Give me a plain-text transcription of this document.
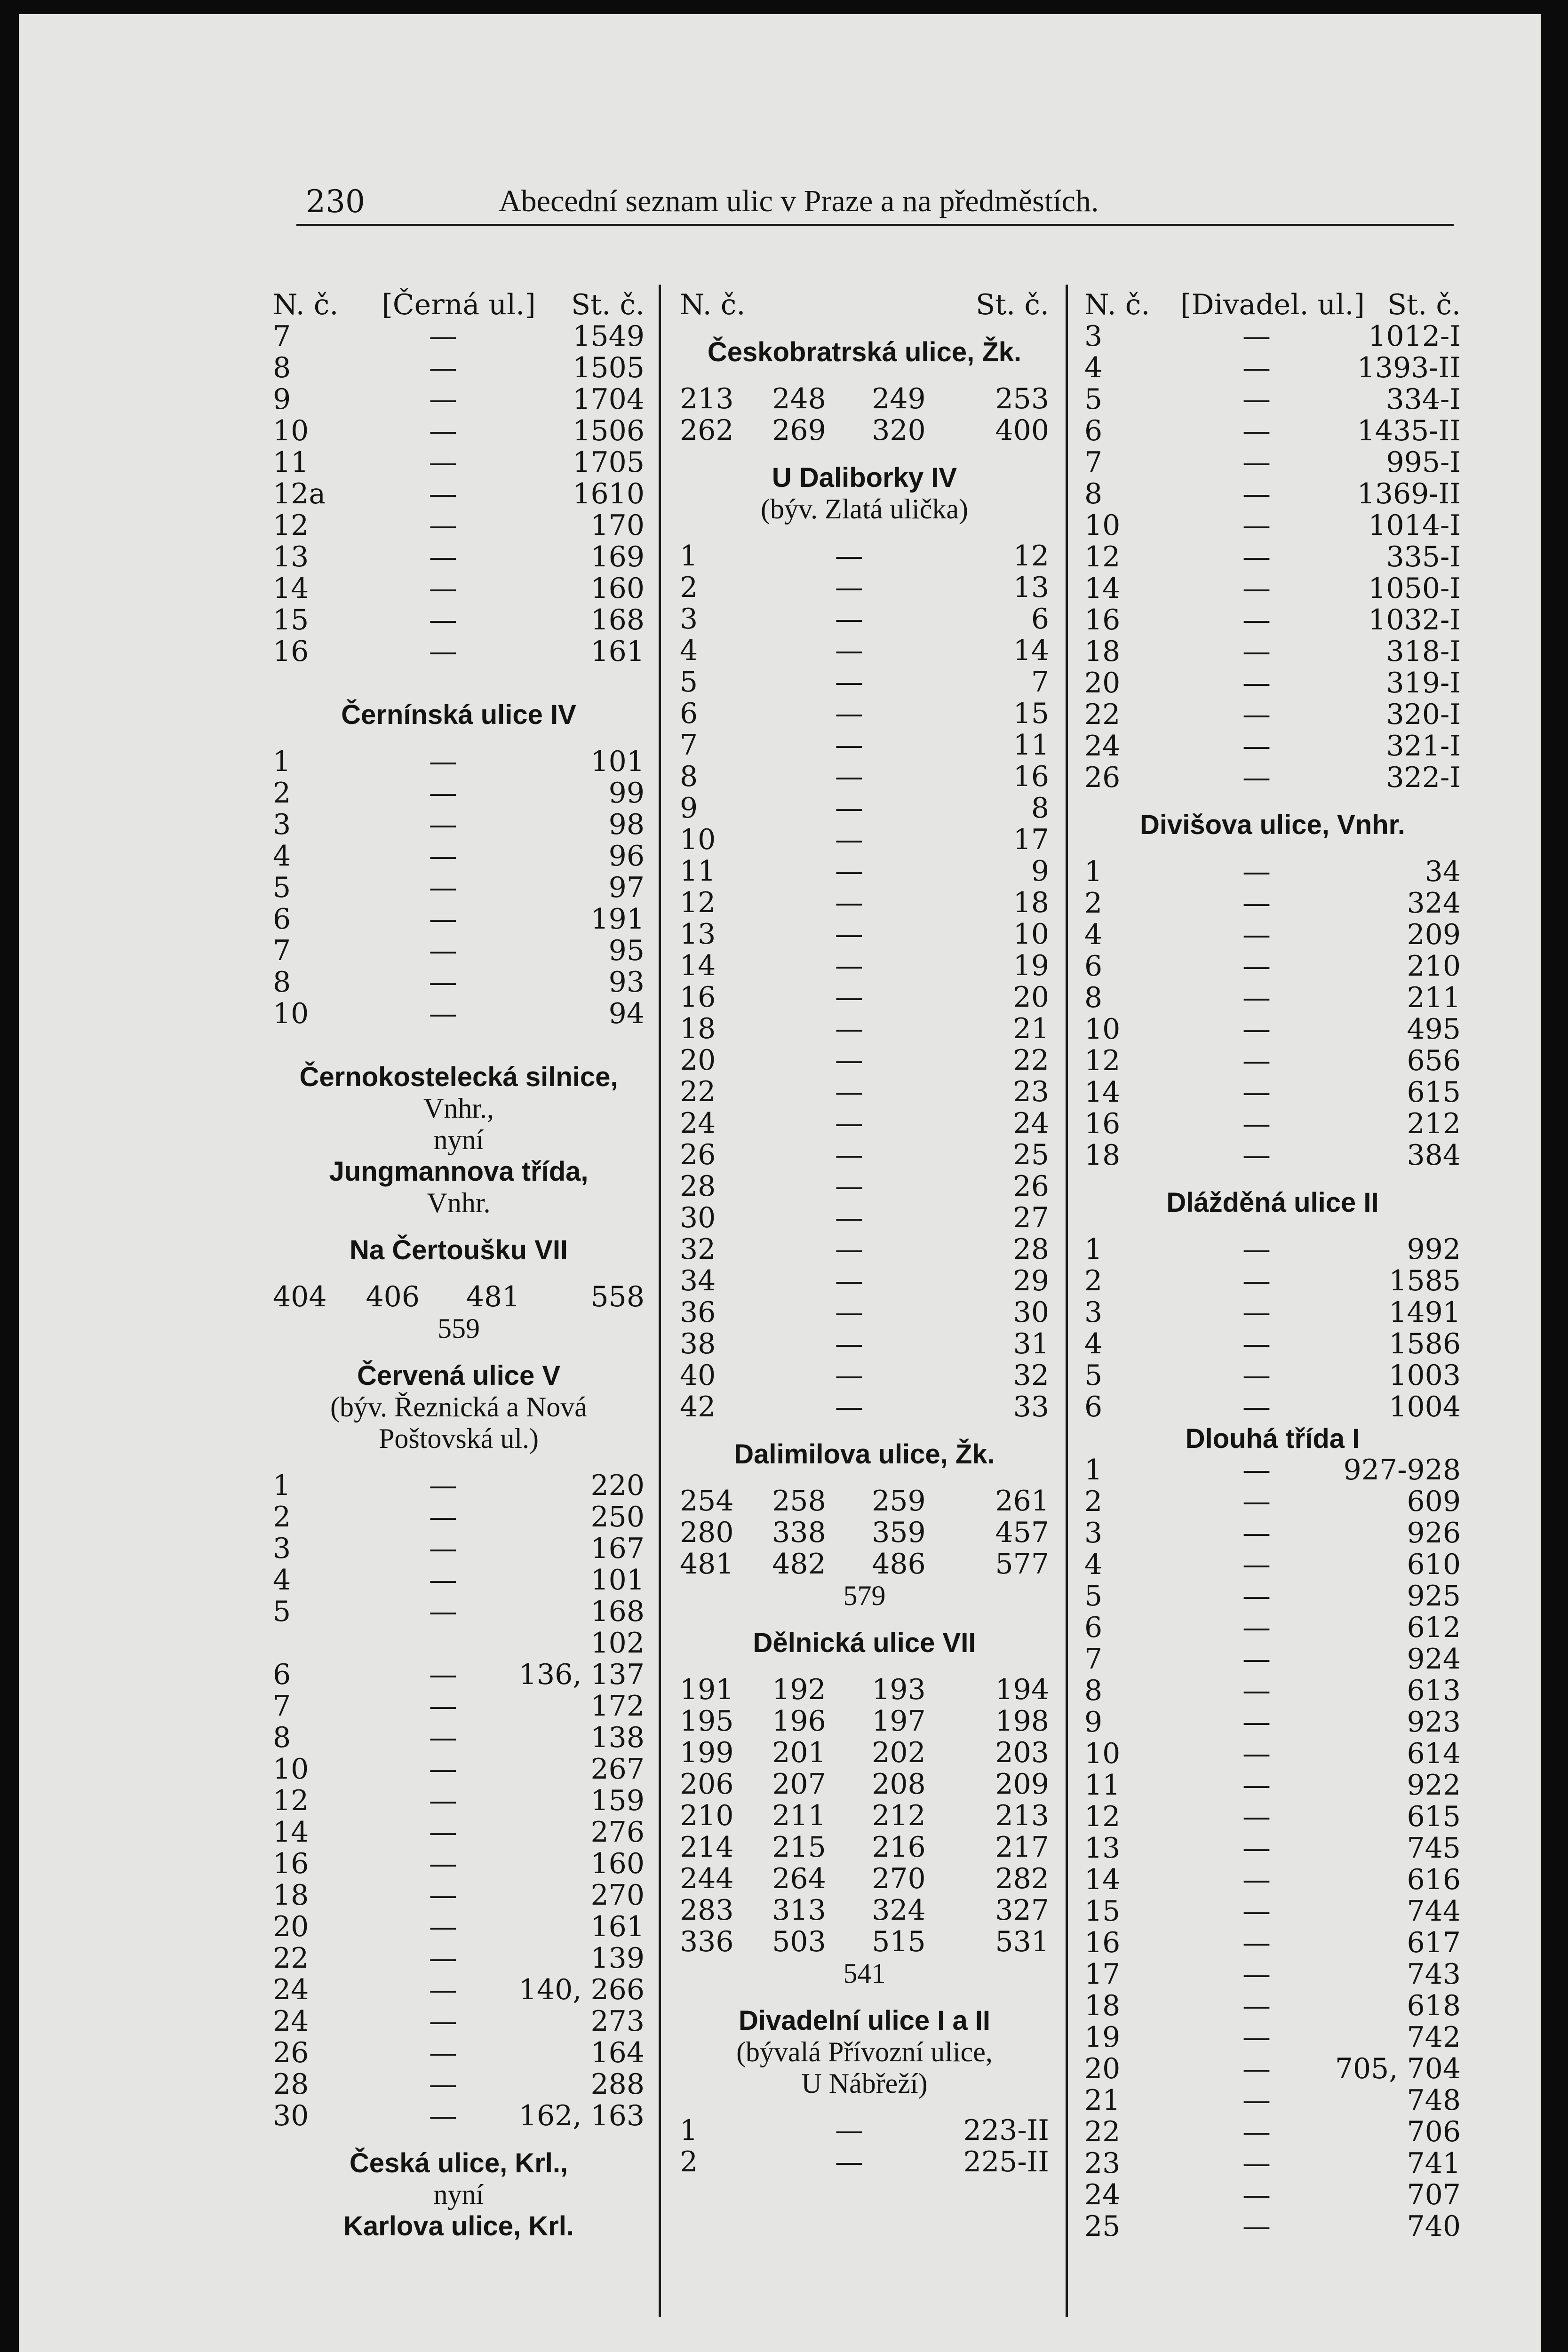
230	Abecední seznam ulic v Praze a na předměstích.
N. č.	[Černá ul.]	St. č.
7	—	1549
8	—	1505
9	—	1704
10	—	1506
11	—	1705
12a	—	1610
12	—	170
13	—	169
14	—	160
15	—	168
16	—	161
Černínská ulice IV
1	—	101
2	—	99
3	—	98
4	—	96
5	—	97
6	—	191
7	—	95
8	—	93
10	—	94
Černokostelecká silnice,
Vnhr.,
nyní
Jungmannova třída,
Vnhr.
Na Čertoušku VII
404 406 481	558
559
Červená ulice V
(býv. Řeznická a Nová
Poštovská ul.)
1	—	220
2	—	250
3	—	167
4	—	101
5	—	168
102
6	— 136, 137
7	—	172
8	—	138
10	—	267
12	—	159
14	—	276
16	—	160
18	—	270
20	—	161
22	—	139
24	— 140, 266
24	—	273
26	—	164
28	—	288
30	— 162, 163
Česká ulice, Krl.,
nyní
Karlova ulice, Krl.
N. č.	St. č.
Českobratrská ulice, Žk.
213 248 249 253
262 269 320 400
U Daliborky IV
(býv. Zlatá ulička)
1	—	12
2	—	13
3	—	6
4	—	14
5	—	7
6	—	15
7	—	11
8	—	16
9	—	8
10	—	17
11	—	9
12	—	18
13	—	10
14	—	19
16	—	20
18	—	21
20	—	22
22	—	23
24	—	24
26	—	25
28	—	26
30	—	27
32	—	28
34	—	29
36	—	30
38	—	31
40	—	32
42	—	33
Dalimilova ulice, Žk.
254 258 259 261
280 338 359 457
481 482 486 577
579
Dělnická ulice VII
191 192 193 194
195 196 197 198
199 201 202 203
206 207 208 209
210 211 212 213
214 215 216 217
244 264 270 282
283 313 324 327
336 503 515 531
541
Divadelní ulice I a II
(bývalá Přívozní ulice,
U Nábřeží)
1	—	223-II
2	—	225-II
N. č.	[Divadel. ul.] St. č.
3	—	1012-I
4	—	1393-II
5	—	334-I
6	—	1435-II
7	—	995-I
8	—	1369-II
10	—	1014-I
12	—	335-I
14	—	1050-I
16	—	1032-I
18	—	318-I
20	—	319-I
22	—	320-I
24	—	321-I
26	—	322-I
Divišova ulice, Vnhr.
1	—	34
2	—	324
4	—	209
6	—	210
8	—	211
10	—	495
12	—	656
14	—	615
16	—	212
18	—	384
Dlážděná ulice II
1	—	992
2	—	1585
3	—	1491
4	—	1586
5	—	1003
6	—	1004
Dlouhá třída I
1	—	927-928
2	—	609
3	—	926
4	—	610
5	—	925
6	—	612
7	—	924
8	—	613
9	—	923
10	—	614
11	—	922
12	—	615
13	—	745
14	—	616
15	—	744
16	—	617
17	—	743
18	—	618
19	—	742
20	— 705, 704
21	—	748
22	—	706
23	—	741
24	—	707
25	—	740
